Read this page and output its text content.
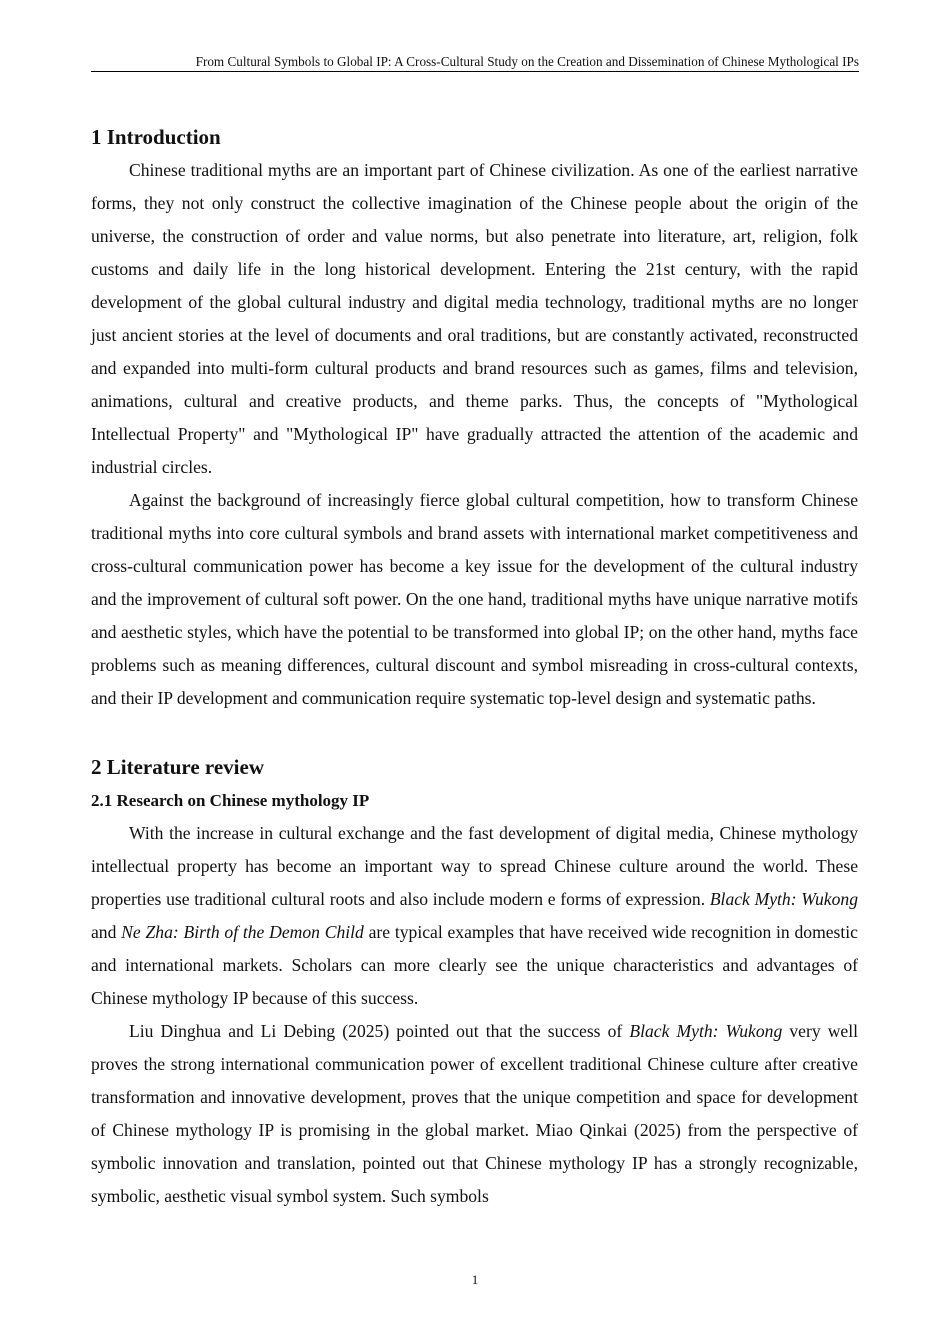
From Cultural Symbols to Global IP: A Cross-Cultural Study on the Creation and Dissemination of Chinese Mythological IPs
1 Introduction

Chinese traditional myths are an important part of Chinese civilization. As one of the earliest narrative forms, they not only construct the collective imagination of the Chinese people about the origin of the universe, the construction of order and value norms, but also penetrate into literature, art, religion, folk customs and daily life in the long historical development. Entering the 21st century, with the rapid development of the global cultural industry and digital media technology, traditional myths are no longer just ancient stories at the level of documents and oral traditions, but are constantly activated, reconstructed and expanded into multi-form cultural products and brand resources such as games, films and television, animations, cultural and creative products, and theme parks. Thus, the concepts of "Mythological Intellectual Property" and "Mythological IP" have gradually attracted the attention of the academic and industrial circles.

Against the background of increasingly fierce global cultural competition, how to transform Chinese traditional myths into core cultural symbols and brand assets with international market competitiveness and cross-cultural communication power has become a key issue for the development of the cultural industry and the improvement of cultural soft power. On the one hand, traditional myths have unique narrative motifs and aesthetic styles, which have the potential to be transformed into global IP; on the other hand, myths face problems such as meaning differences, cultural discount and symbol misreading in cross-cultural contexts, and their IP development and communication require systematic top-level design and systematic paths.

2 Literature review
2.1 Research on Chinese mythology IP

With the increase in cultural exchange and the fast development of digital media, Chinese mythology intellectual property has become an important way to spread Chinese culture around the world. These properties use traditional cultural roots and also include modern e forms of expression. Black Myth: Wukong and Ne Zha: Birth of the Demon Child are typical examples that have received wide recognition in domestic and international markets. Scholars can more clearly see the unique characteristics and advantages of Chinese mythology IP because of this success.

Liu Dinghua and Li Debing (2025) pointed out that the success of Black Myth: Wukong very well proves the strong international communication power of excellent traditional Chinese culture after creative transformation and innovative development, proves that the unique competition and space for development of Chinese mythology IP is promising in the global market. Miao Qinkai (2025) from the perspective of symbolic innovation and translation, pointed out that Chinese mythology IP has a strongly recognizable, symbolic, aesthetic visual symbol system. Such symbols

1
